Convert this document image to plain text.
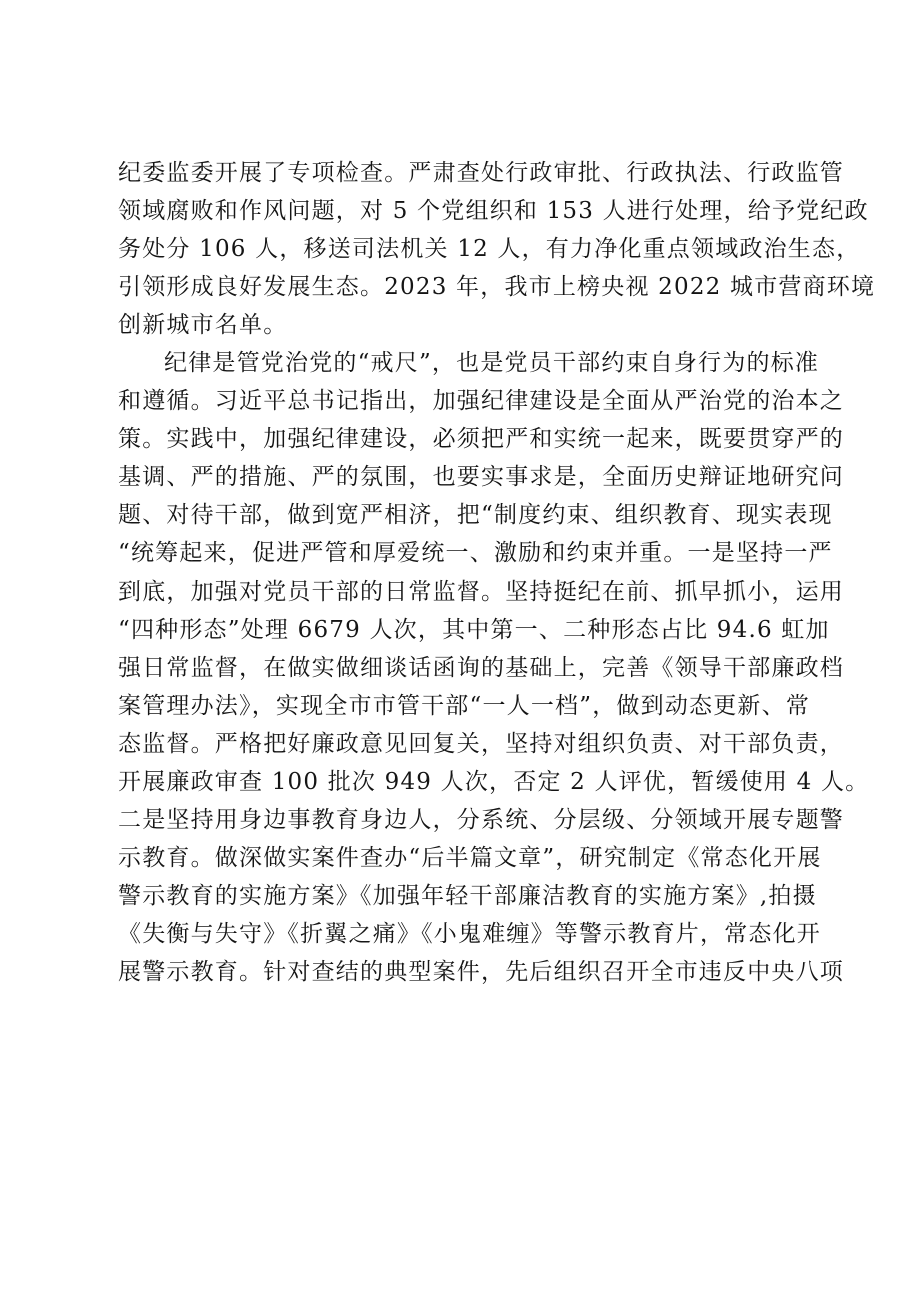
纪委监委开展了专项检查。严肃查处行政审批、行政执法、行政监管
领域腐败和作风问题，对 5 个党组织和 153 人进行处理，给予党纪政
务处分 106 人，移送司法机关 12 人，有力净化重点领域政治生态，
引领形成良好发展生态。2023 年，我市上榜央视 2022 城市营商环境
创新城市名单。
纪律是管党治党的“戒尺”，也是党员干部约束自身行为的标准
和遵循。习近平总书记指出，加强纪律建设是全面从严治党的治本之
策。实践中，加强纪律建设，必须把严和实统一起来，既要贯穿严的
基调、严的措施、严的氛围，也要实事求是，全面历史辩证地研究问
题、对待干部，做到宽严相济，把“制度约束、组织教育、现实表现
“统筹起来，促进严管和厚爱统一、激励和约束并重。一是坚持一严
到底，加强对党员干部的日常监督。坚持挺纪在前、抓早抓小，运用
“四种形态”处理 6679 人次，其中第一、二种形态占比 94.6 虹加
强日常监督，在做实做细谈话函询的基础上，完善《领导干部廉政档
案管理办法》，实现全市市管干部“一人一档”，做到动态更新、常
态监督。严格把好廉政意见回复关，坚持对组织负责、对干部负责，
开展廉政审查 100 批次 949 人次，否定 2 人评优，暂缓使用 4 人。
二是坚持用身边事教育身边人，分系统、分层级、分领域开展专题警
示教育。做深做实案件查办“后半篇文章”，研究制定《常态化开展
警示教育的实施方案》《加强年轻干部廉洁教育的实施方案》,拍摄
《失衡与失守》《折翼之痛》《小鬼难缠》等警示教育片，常态化开
展警示教育。针对查结的典型案件，先后组织召开全市违反中央八项
